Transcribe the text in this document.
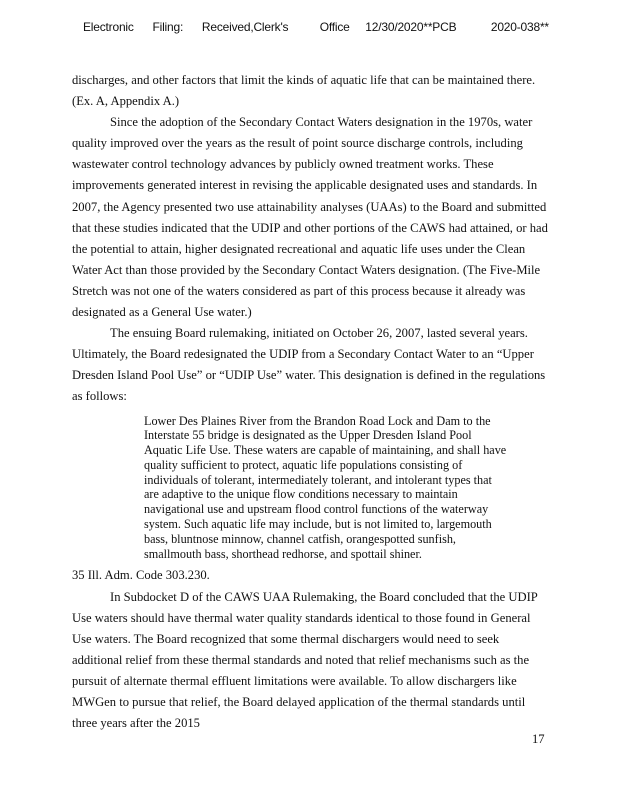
Electronic      Filing:      Received,Clerk's          Office     12/30/2020**PCB           2020-038**

discharges, and other factors that limit the kinds of aquatic life that can be maintained there. (Ex. A, Appendix A.)

Since the adoption of the Secondary Contact Waters designation in the 1970s, water quality improved over the years as the result of point source discharge controls, including wastewater control technology advances by publicly owned treatment works. These improvements generated interest in revising the applicable designated uses and standards. In 2007, the Agency presented two use attainability analyses (UAAs) to the Board and submitted that these studies indicated that the UDIP and other portions of the CAWS had attained, or had the potential to attain, higher designated recreational and aquatic life uses under the Clean Water Act than those provided by the Secondary Contact Waters designation. (The Five-Mile Stretch was not one of the waters considered as part of this process because it already was designated as a General Use water.)

The ensuing Board rulemaking, initiated on October 26, 2007, lasted several years. Ultimately, the Board redesignated the UDIP from a Secondary Contact Water to an “Upper Dresden Island Pool Use” or “UDIP Use” water. This designation is defined in the regulations as follows:

Lower Des Plaines River from the Brandon Road Lock and Dam to the Interstate 55 bridge is designated as the Upper Dresden Island Pool Aquatic Life Use. These waters are capable of maintaining, and shall have quality sufficient to protect, aquatic life populations consisting of individuals of tolerant, intermediately tolerant, and intolerant types that are adaptive to the unique flow conditions necessary to maintain navigational use and upstream flood control functions of the waterway system. Such aquatic life may include, but is not limited to, largemouth bass, bluntnose minnow, channel catfish, orangespotted sunfish, smallmouth bass, shorthead redhorse, and spottail shiner.

35 Ill. Adm. Code 303.230.

In Subdocket D of the CAWS UAA Rulemaking, the Board concluded that the UDIP Use waters should have thermal water quality standards identical to those found in General Use waters. The Board recognized that some thermal dischargers would need to seek additional relief from these thermal standards and noted that relief mechanisms such as the pursuit of alternate thermal effluent limitations were available. To allow dischargers like MWGen to pursue that relief, the Board delayed application of the thermal standards until three years after the 2015

17
